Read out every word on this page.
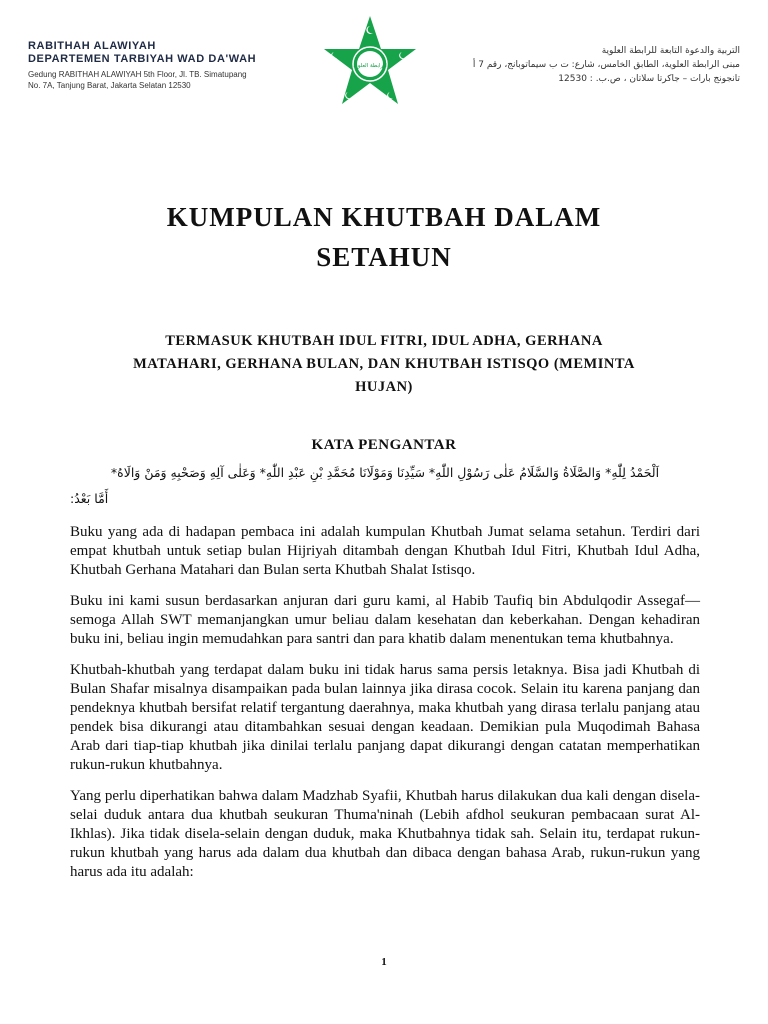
RABITHAH ALAWIYAH
DEPARTEMEN TARBIYAH WAD DA'WAH
Gedung RABITHAH ALAWIYAH 5th Floor, Jl. TB. Simatupang
No. 7A, Tanjung Barat, Jakarta Selatan 12530
الرابطة العلوية
التربية والدعوة التابعة للرابطة العلوية
مبنى الرابطة العلوية، الطابق الخامس، شارع: ت ب سيماتوبانج، رقم 7 أ
تانجونج بارات – جاكرتا سلاتان ، ص.ب. : 12530
KUMPULAN KHUTBAH DALAM
SETAHUN
TERMASUK KHUTBAH IDUL FITRI, IDUL ADHA, GERHANA
MATAHARI, GERHANA BULAN, DAN KHUTBAH ISTISQO (MEMINTA
HUJAN)
KATA PENGANTAR
اَلْحَمْدُ لِلّٰهِ* وَالصَّلَاةُ وَالسَّلَامُ عَلٰى رَسُوْلِ اللّٰهِ* سَيِّدِنَا وَمَوْلَانَا مُحَمَّدِ بْنِ عَبْدِ اللّٰهِ* وَعَلٰى آلِهِ وَصَحْبِهِ وَمَنْ وَالَاهُ*
أَمَّا بَعْدُ:

Buku yang ada di hadapan pembaca ini adalah kumpulan Khutbah Jumat selama setahun. Terdiri dari empat khutbah untuk setiap bulan Hijriyah ditambah dengan Khutbah Idul Fitri, Khutbah Idul Adha, Khutbah Gerhana Matahari dan Bulan serta Khutbah Shalat Istisqo.

Buku ini kami susun berdasarkan anjuran dari guru kami, al Habib Taufiq bin Abdulqodir Assegaf—semoga Allah SWT memanjangkan umur beliau dalam kesehatan dan keberkahan. Dengan kehadiran buku ini, beliau ingin memudahkan para santri dan para khatib dalam menentukan tema khutbahnya.

Khutbah-khutbah yang terdapat dalam buku ini tidak harus sama persis letaknya. Bisa jadi Khutbah di Bulan Shafar misalnya disampaikan pada bulan lainnya jika dirasa cocok. Selain itu karena panjang dan pendeknya khutbah bersifat relatif tergantung daerahnya, maka khutbah yang dirasa terlalu panjang atau pendek bisa dikurangi atau ditambahkan sesuai dengan keadaan. Demikian pula Muqodimah Bahasa Arab dari tiap-tiap khutbah jika dinilai terlalu panjang dapat dikurangi dengan catatan memperhatikan rukun-rukun khutbahnya.

Yang perlu diperhatikan bahwa dalam Madzhab Syafii, Khutbah harus dilakukan dua kali dengan disela-selai duduk antara dua khutbah seukuran Thuma'ninah (Lebih afdhol seukuran pembacaan surat Al-Ikhlas). Jika tidak disela-selain dengan duduk, maka Khutbahnya tidak sah. Selain itu, terdapat rukun-rukun khutbah yang harus ada dalam dua khutbah dan dibaca dengan bahasa Arab, rukun-rukun yang harus ada itu adalah:

1
